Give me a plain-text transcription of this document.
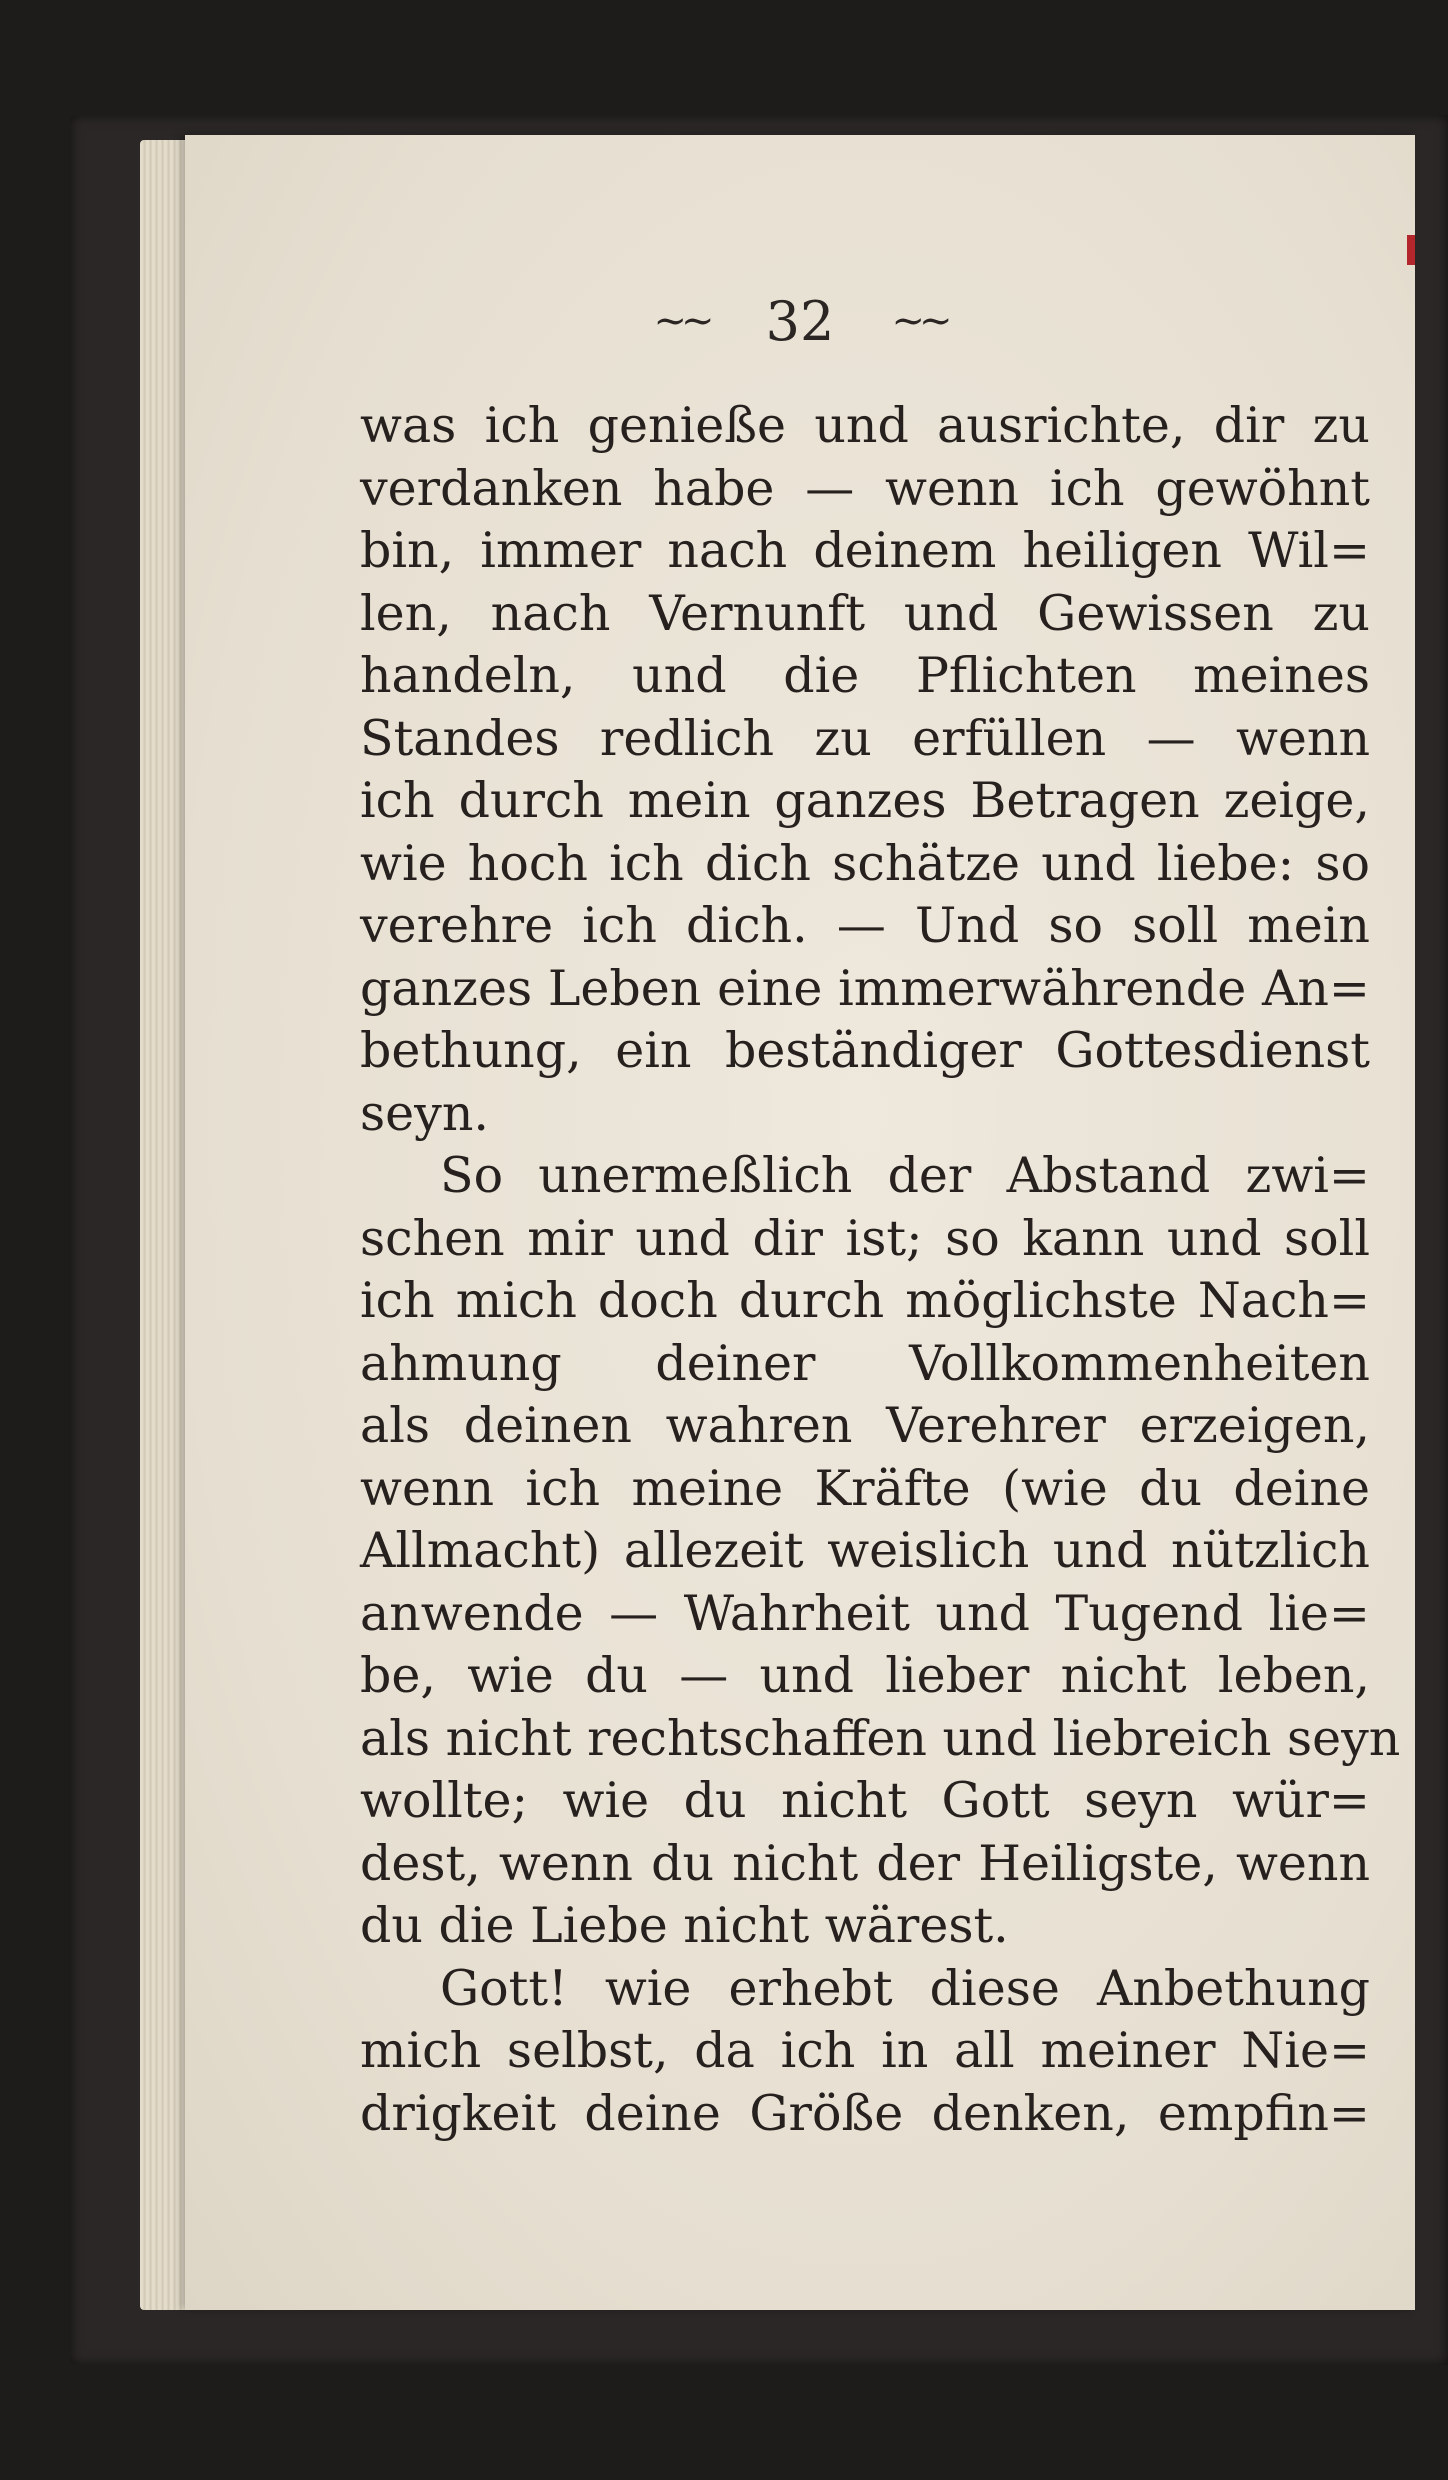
~~ 32 ~~
was ich genieße und ausrichte, dir zu
verdanken habe — wenn ich gewöhnt
bin, immer nach deinem heiligen Wil=
len, nach Vernunft und Gewissen zu
handeln, und die Pflichten meines
Standes redlich zu erfüllen — wenn
ich durch mein ganzes Betragen zeige,
wie hoch ich dich schätze und liebe: so
verehre ich dich. — Und so soll mein
ganzes Leben eine immerwährende An=
bethung, ein beständiger Gottesdienst
seyn.
So unermeßlich der Abstand zwi=
schen mir und dir ist; so kann und soll
ich mich doch durch möglichste Nach=
ahmung deiner Vollkommenheiten
als deinen wahren Verehrer erzeigen,
wenn ich meine Kräfte (wie du deine
Allmacht) allezeit weislich und nützlich
anwende — Wahrheit und Tugend lie=
be, wie du — und lieber nicht leben,
als nicht rechtschaffen und liebreich seyn
wollte; wie du nicht Gott seyn wür=
dest, wenn du nicht der Heiligste, wenn
du die Liebe nicht wärest.
Gott! wie erhebt diese Anbethung
mich selbst, da ich in all meiner Nie=
drigkeit deine Größe denken, empfin=
